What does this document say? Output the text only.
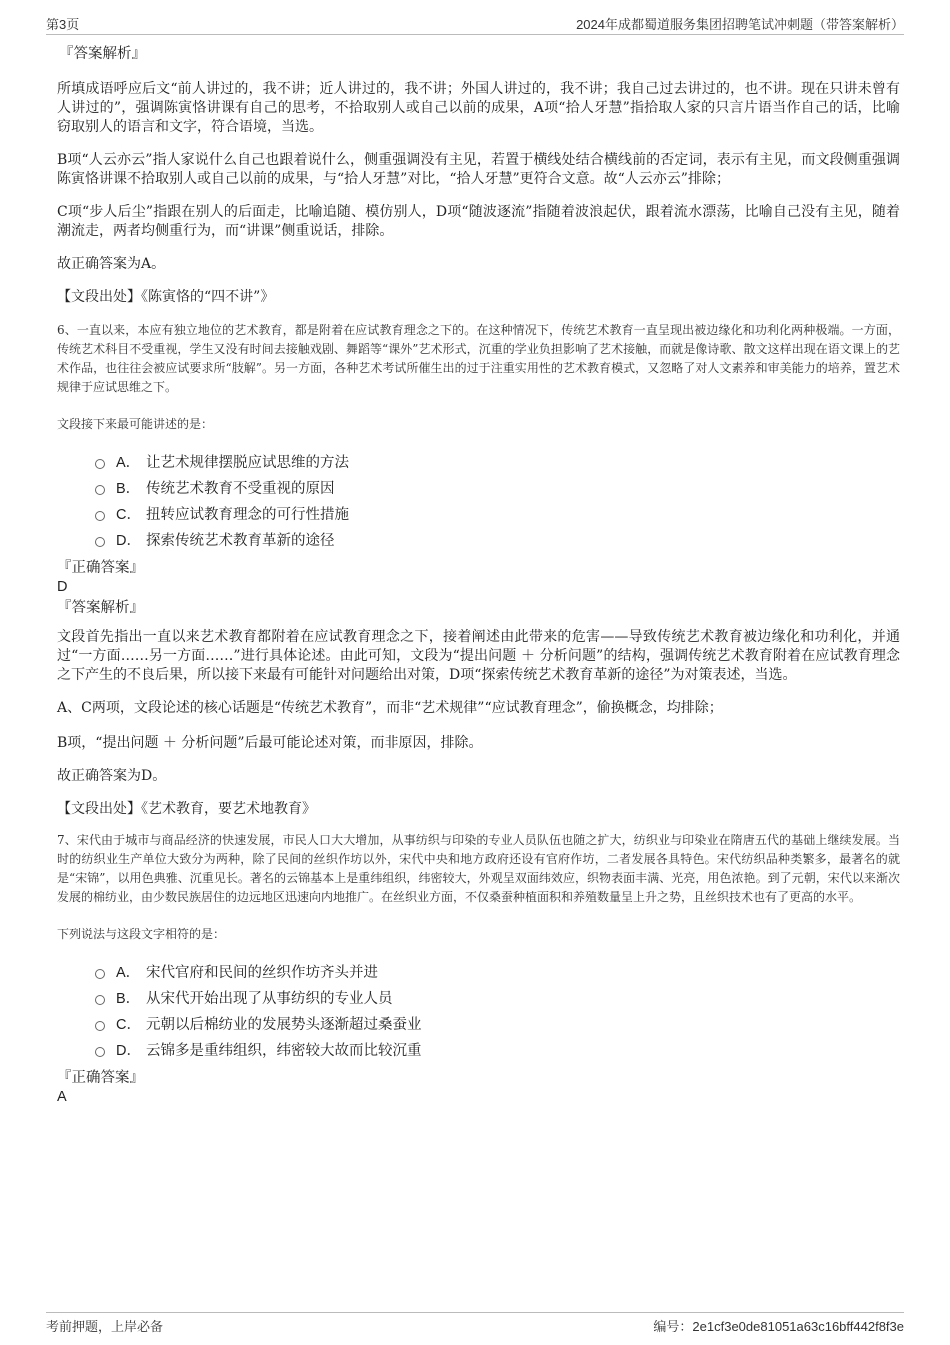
第3页	2024年成都蜀道服务集团招聘笔试冲刺题（带答案解析）

『答案解析』

所填成语呼应后文“前人讲过的，我不讲；近人讲过的，我不讲；外国人讲过的，我不讲；我自己过去讲过的，也不讲。现在只讲未曾有人讲过的”，强调陈寅恪讲课有自己的思考，不拾取别人或自己以前的成果，A项“拾人牙慧”指拾取人家的只言片语当作自己的话，比喻窃取别人的语言和文字，符合语境，当选。

B项“人云亦云”指人家说什么自己也跟着说什么，侧重强调没有主见，若置于横线处结合横线前的否定词，表示有主见，而文段侧重强调陈寅恪讲课不拾取别人或自己以前的成果，与“拾人牙慧”对比，“拾人牙慧”更符合文意。故“人云亦云”排除；

C项“步人后尘”指跟在别人的后面走，比喻追随、模仿别人，D项“随波逐流”指随着波浪起伏，跟着流水漂荡，比喻自己没有主见，随着潮流走，两者均侧重行为，而“讲课”侧重说话，排除。

故正确答案为A。

【文段出处】《陈寅恪的“四不讲”》

6、一直以来，本应有独立地位的艺术教育，都是附着在应试教育理念之下的。在这种情况下，传统艺术教育一直呈现出被边缘化和功利化两种极端。一方面，传统艺术科目不受重视，学生又没有时间去接触戏剧、舞蹈等“课外”艺术形式，沉重的学业负担影响了艺术接触，而就是像诗歌、散文这样出现在语文课上的艺术作品，也往往会被应试要求所“肢解”。另一方面，各种艺术考试所催生出的过于注重实用性的艺术教育模式，又忽略了对人文素养和审美能力的培养，置艺术规律于应试思维之下。

文段接下来最可能讲述的是：

A． 让艺术规律摆脱应试思维的方法
B． 传统艺术教育不受重视的原因
C． 扭转应试教育理念的可行性措施
D． 探索传统艺术教育革新的途径

『正确答案』

D

『答案解析』

文段首先指出一直以来艺术教育都附着在应试教育理念之下，接着阐述由此带来的危害——导致传统艺术教育被边缘化和功利化，并通过“一方面……另一方面……”进行具体论述。由此可知，文段为“提出问题 ＋ 分析问题”的结构，强调传统艺术教育附着在应试教育理念之下产生的不良后果，所以接下来最有可能针对问题给出对策，D项“探索传统艺术教育革新的途径”为对策表述，当选。

A、C两项，文段论述的核心话题是“传统艺术教育”，而非“艺术规律”“应试教育理念”，偷换概念，均排除；

B项，“提出问题 ＋ 分析问题”后最可能论述对策，而非原因，排除。

故正确答案为D。

【文段出处】《艺术教育，要艺术地教育》

7、宋代由于城市与商品经济的快速发展，市民人口大大增加，从事纺织与印染的专业人员队伍也随之扩大，纺织业与印染业在隋唐五代的基础上继续发展。当时的纺织业生产单位大致分为两种，除了民间的丝织作坊以外，宋代中央和地方政府还设有官府作坊，二者发展各具特色。宋代纺织品种类繁多，最著名的就是“宋锦”，以用色典雅、沉重见长。著名的云锦基本上是重纬组织，纬密较大，外观呈双面纬效应，织物表面丰满、光亮，用色浓艳。到了元朝，宋代以来渐次发展的棉纺业，由少数民族居住的边远地区迅速向内地推广。在丝织业方面，不仅桑蚕种植面积和养殖数量呈上升之势，且丝织技术也有了更高的水平。

下列说法与这段文字相符的是：

A． 宋代官府和民间的丝织作坊齐头并进
B． 从宋代开始出现了从事纺织的专业人员
C． 元朝以后棉纺业的发展势头逐渐超过桑蚕业
D． 云锦多是重纬组织，纬密较大故而比较沉重

『正确答案』

A

考前押题，上岸必备	编号：2e1cf3e0de81051a63c16bff442f8f3e
